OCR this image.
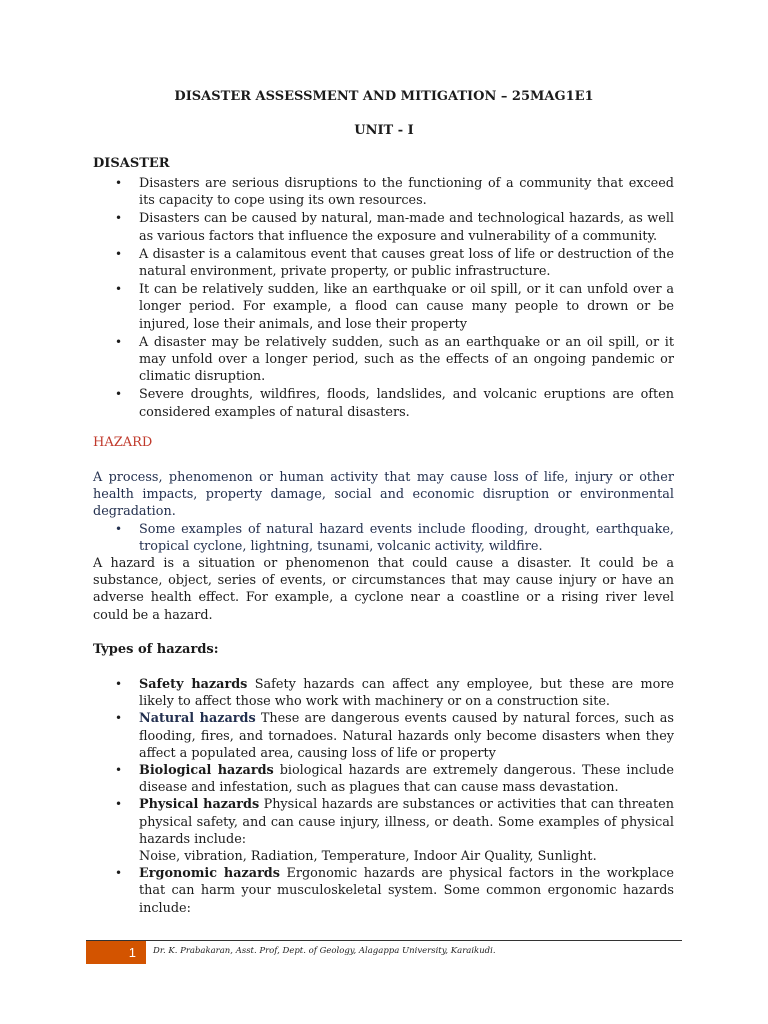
DISASTER ASSESSMENT AND MITIGATION – 25MAG1E1
UNIT - I
DISASTER
• Disasters are serious disruptions to the functioning of a community that exceed its capacity to cope using its own resources.
• Disasters can be caused by natural, man-made and technological hazards, as well as various factors that influence the exposure and vulnerability of a community.
• A disaster is a calamitous event that causes great loss of life or destruction of the natural environment, private property, or public infrastructure.
• It can be relatively sudden, like an earthquake or oil spill, or it can unfold over a longer period. For example, a flood can cause many people to drown or be injured, lose their animals, and lose their property
• A disaster may be relatively sudden, such as an earthquake or an oil spill, or it may unfold over a longer period, such as the effects of an ongoing pandemic or climatic disruption.
• Severe droughts, wildfires, floods, landslides, and volcanic eruptions are often considered examples of natural disasters.
HAZARD
A process, phenomenon or human activity that may cause loss of life, injury or other health impacts, property damage, social and economic disruption or environmental degradation.
• Some examples of natural hazard events include flooding, drought, earthquake, tropical cyclone, lightning, tsunami, volcanic activity, wildfire.
A hazard is a situation or phenomenon that could cause a disaster. It could be a substance, object, series of events, or circumstances that may cause injury or have an adverse health effect. For example, a cyclone near a coastline or a rising river level could be a hazard.
Types of hazards:
• Safety hazards Safety hazards can affect any employee, but these are more likely to affect those who work with machinery or on a construction site.
• Natural hazards These are dangerous events caused by natural forces, such as flooding, fires, and tornadoes. Natural hazards only become disasters when they affect a populated area, causing loss of life or property
• Biological hazards biological hazards are extremely dangerous. These include disease and infestation, such as plagues that can cause mass devastation.
• Physical hazards Physical hazards are substances or activities that can threaten physical safety, and can cause injury, illness, or death. Some examples of physical hazards include:
Noise, vibration, Radiation, Temperature, Indoor Air Quality, Sunlight.
• Ergonomic hazards Ergonomic hazards are physical factors in the workplace that can harm your musculoskeletal system. Some common ergonomic hazards include:
1	Dr. K. Prabakaran, Asst. Prof, Dept. of Geology, Alagappa University, Karaikudi.
